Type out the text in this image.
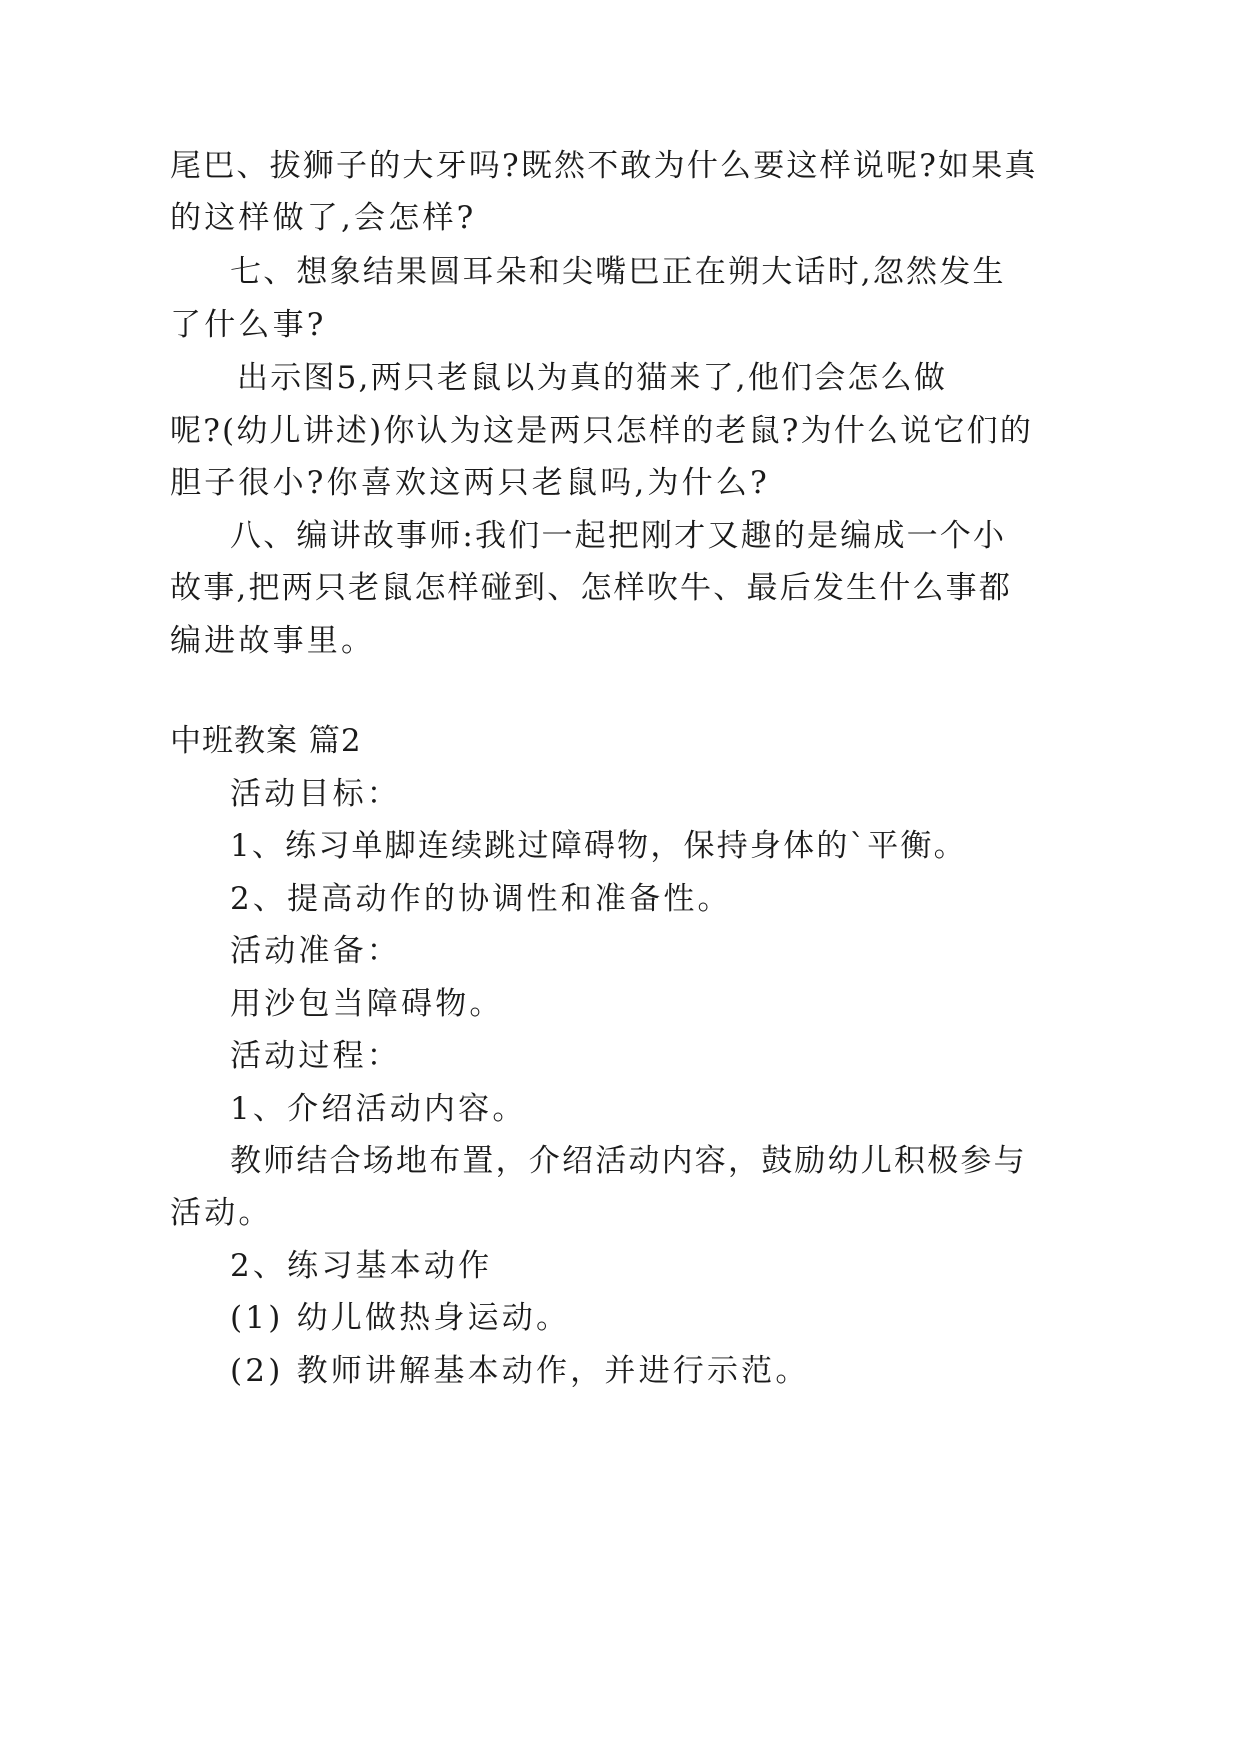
尾巴、拔狮子的大牙吗?既然不敢为什么要这样说呢?如果真
的这样做了,会怎样?
七、想象结果圆耳朵和尖嘴巴正在朔大话时,忽然发生
了什么事?
出示图5,两只老鼠以为真的猫来了,他们会怎么做
呢?(幼儿讲述)你认为这是两只怎样的老鼠?为什么说它们的
胆子很小?你喜欢这两只老鼠吗,为什么?
八、编讲故事师:我们一起把刚才又趣的是编成一个小
故事,把两只老鼠怎样碰到、怎样吹牛、最后发生什么事都
编进故事里。
中班教案 篇2
活动目标：
1、练习单脚连续跳过障碍物，保持身体的`平衡。
2、提高动作的协调性和准备性。
活动准备：
用沙包当障碍物。
活动过程：
1、介绍活动内容。
教师结合场地布置，介绍活动内容，鼓励幼儿积极参与
活动。
2、练习基本动作
(1) 幼儿做热身运动。
(2) 教师讲解基本动作，并进行示范。
